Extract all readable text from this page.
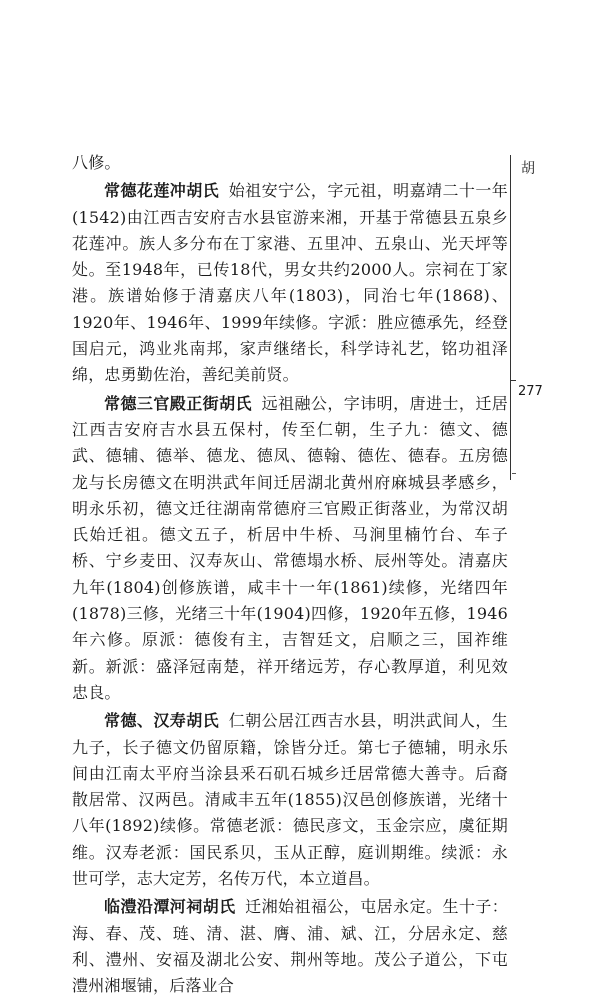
八修。

常德花莲冲胡氏 始祖安宁公，字元祖，明嘉靖二十一年(1542)由江西吉安府吉水县宦游来湘，开基于常德县五泉乡花莲冲。族人多分布在丁家港、五里冲、五泉山、光天坪等处。至1948年，已传18代，男女共约2000人。宗祠在丁家港。族谱始修于清嘉庆八年(1803)，同治七年(1868)、1920年、1946年、1999年续修。字派：胜应德承先，经登国启元，鸿业兆南邦，家声继绪长，科学诗礼艺，铭功祖泽绵，忠勇勤佐治，善纪美前贤。

常德三官殿正街胡氏 远祖融公，字讳明，唐进士，迁居江西吉安府吉水县五保村，传至仁朝，生子九：德文、德武、德辅、德举、德龙、德凤、德翰、德佐、德春。五房德龙与长房德文在明洪武年间迁居湖北黄州府麻城县孝感乡，明永乐初，德文迁往湖南常德府三官殿正街落业，为常汉胡氏始迁祖。德文五子，析居中牛桥、马涧里楠竹台、车子桥、宁乡麦田、汉寿灰山、常德塌水桥、辰州等处。清嘉庆九年(1804)创修族谱，咸丰十一年(1861)续修，光绪四年(1878)三修，光绪三十年(1904)四修，1920年五修，1946年六修。原派：德俊有主，吉智廷文，启顺之三，国祚维新。新派：盛泽冠南楚，祥开绪远芳，存心教厚道，利见效忠良。

常德、汉寿胡氏 仁朝公居江西吉水县，明洪武间人，生九子，长子德文仍留原籍，馀皆分迁。第七子德辅，明永乐间由江南太平府当涂县釆石矶石城乡迁居常德大善寺。后裔散居常、汉两邑。清咸丰五年(1855)汉邑创修族谱，光绪十八年(1892)续修。常德老派：德民彦文，玉金宗应，虞征期维。汉寿老派：国民系贝，玉从正醇，庭训期维。续派：永世可学，志大定芳，名传万代，本立道昌。

临澧沿潭河祠胡氏 迁湘始祖福公，屯居永定。生十子：海、春、茂、琏、清、湛、膺、浦、斌、江，分居永定、慈利、澧州、安福及湖北公安、荆州等地。茂公子道公，下屯澧州湘堰铺，后落业合

胡
277
